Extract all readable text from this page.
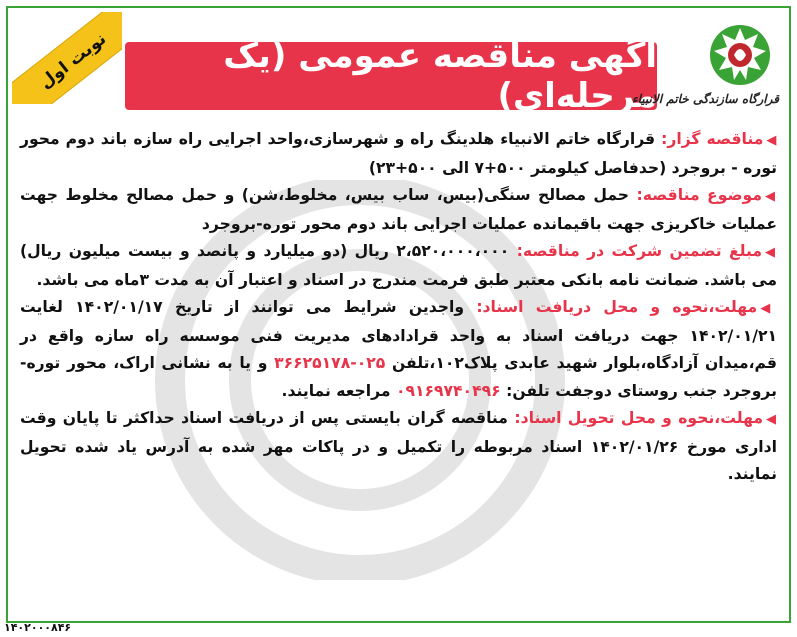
نوبت اول	آگهی مناقصه عمومی (یک مرحله‌ای)
قرارگاه سازندگی خاتم الانبیاء

◀مناقصه گزار: قرارگاه خاتم الانبیاء هلدینگ راه و شهرسازی،واحد اجرایی راه سازه باند دوم محور توره - بروجرد (حدفاصل کیلومتر ۵۰۰+۷ الی ۵۰۰+۲۳)

◀موضوع مناقصه: حمل مصالح سنگی(بیس، ساب بیس، مخلوط،شن) و حمل مصالح مخلوط جهت عملیات خاکریزی جهت باقیمانده عملیات اجرایی باند دوم محور توره-بروجرد

◀مبلغ تضمین شرکت در مناقصه: ۲،۵۲۰،۰۰۰،۰۰۰ ریال (دو میلیارد و پانصد و بیست میلیون ریال) می باشد. ضمانت نامه بانکی معتبر طبق فرمت مندرج در اسناد و اعتبار آن به مدت ۳ماه می باشد.

◀مهلت،نحوه و محل دریافت اسناد: واجدین شرایط می توانند از تاریخ ۱۴۰۲/۰۱/۱۷ لغایت ۱۴۰۲/۰۱/۲۱ جهت دریافت اسناد به واحد قرادادهای مدیریت فنی موسسه راه سازه واقع در قم،میدان آزادگاه،بلوار شهید عابدی پلاک۱۰۲،تلفن ۰۲۵-۳۶۶۲۵۱۷۸ و یا به نشانی اراک، محور توره-بروجرد جنب روستای دوجفت تلفن: ۰۹۱۶۹۷۴۰۴۹۶ مراجعه نمایند.

◀مهلت،نحوه و محل تحویل اسناد: مناقصه گران بایستی پس از دریافت اسناد حداکثر تا پایان وقت اداری مورخ ۱۴۰۲/۰۱/۲۶ اسناد مربوطه را تکمیل و در پاکات مهر شده به آدرس یاد شده تحویل نمایند.

۱۴۰۲۰۰۰۸۴۶
